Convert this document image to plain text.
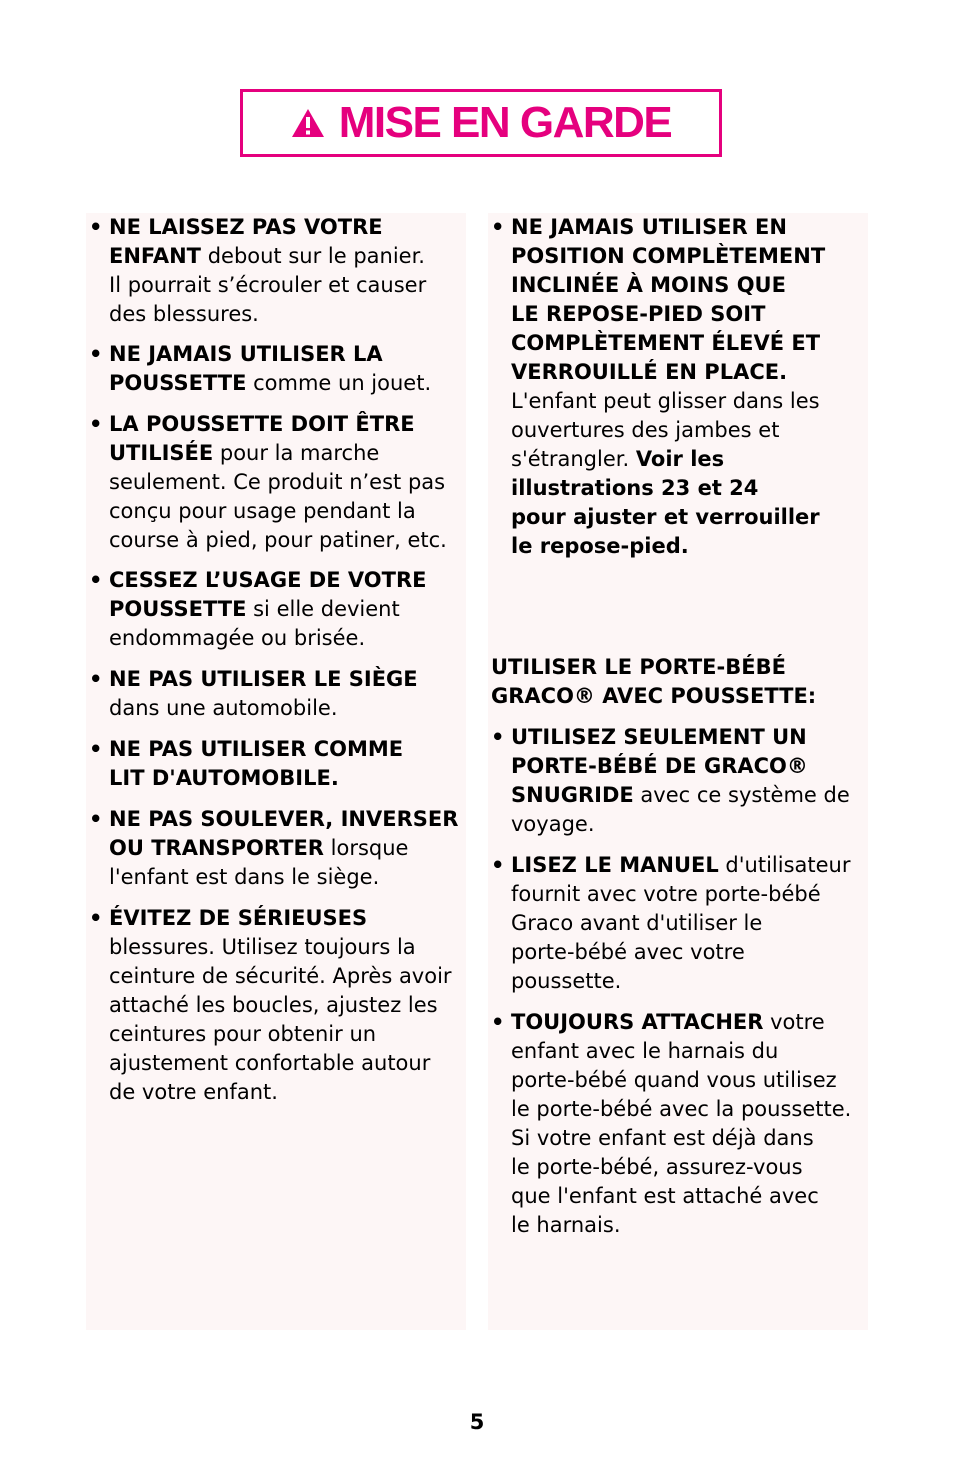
MISE EN GARDE
• NE LAISSEZ PAS VOTRE
ENFANT debout sur le panier.
Il pourrait s’écrouler et causer
des blessures.

• NE JAMAIS UTILISER LA
POUSSETTE comme un jouet.

• LA POUSSETTE DOIT ÊTRE
UTILISÉE pour la marche
seulement. Ce produit n’est pas
conçu pour usage pendant la
course à pied, pour patiner, etc.

• CESSEZ L’USAGE DE VOTRE
POUSSETTE si elle devient
endommagée ou brisée.

• NE PAS UTILISER LE SIÈGE
dans une automobile.

• NE PAS UTILISER COMME
LIT D'AUTOMOBILE.

• NE PAS SOULEVER, INVERSER
OU TRANSPORTER lorsque
l'enfant est dans le siège.

• ÉVITEZ DE SÉRIEUSES
blessures. Utilisez toujours la
ceinture de sécurité. Après avoir
attaché les boucles, ajustez les
ceintures pour obtenir un
ajustement confortable autour
de votre enfant.

• NE JAMAIS UTILISER EN
POSITION COMPLÈTEMENT
INCLINÉE À MOINS QUE
LE REPOSE-PIED SOIT
COMPLÈTEMENT ÉLEVÉ ET
VERROUILLÉ EN PLACE.
L'enfant peut glisser dans les
ouvertures des jambes et
s'étrangler. Voir les
illustrations 23 et 24
pour ajuster et verrouiller
le repose-pied.

UTILISER LE PORTE-BÉBÉ
GRACO® AVEC POUSSETTE:
• UTILISEZ SEULEMENT UN
PORTE-BÉBÉ DE GRACO®
SNUGRIDE avec ce système de
voyage.

• LISEZ LE MANUEL d'utilisateur
fournit avec votre porte-bébé
Graco avant d'utiliser le
porte-bébé avec votre
poussette.

• TOUJOURS ATTACHER votre
enfant avec le harnais du
porte-bébé quand vous utilisez
le porte-bébé avec la poussette.
Si votre enfant est déjà dans
le porte-bébé, assurez-vous
que l'enfant est attaché avec
le harnais.

5
